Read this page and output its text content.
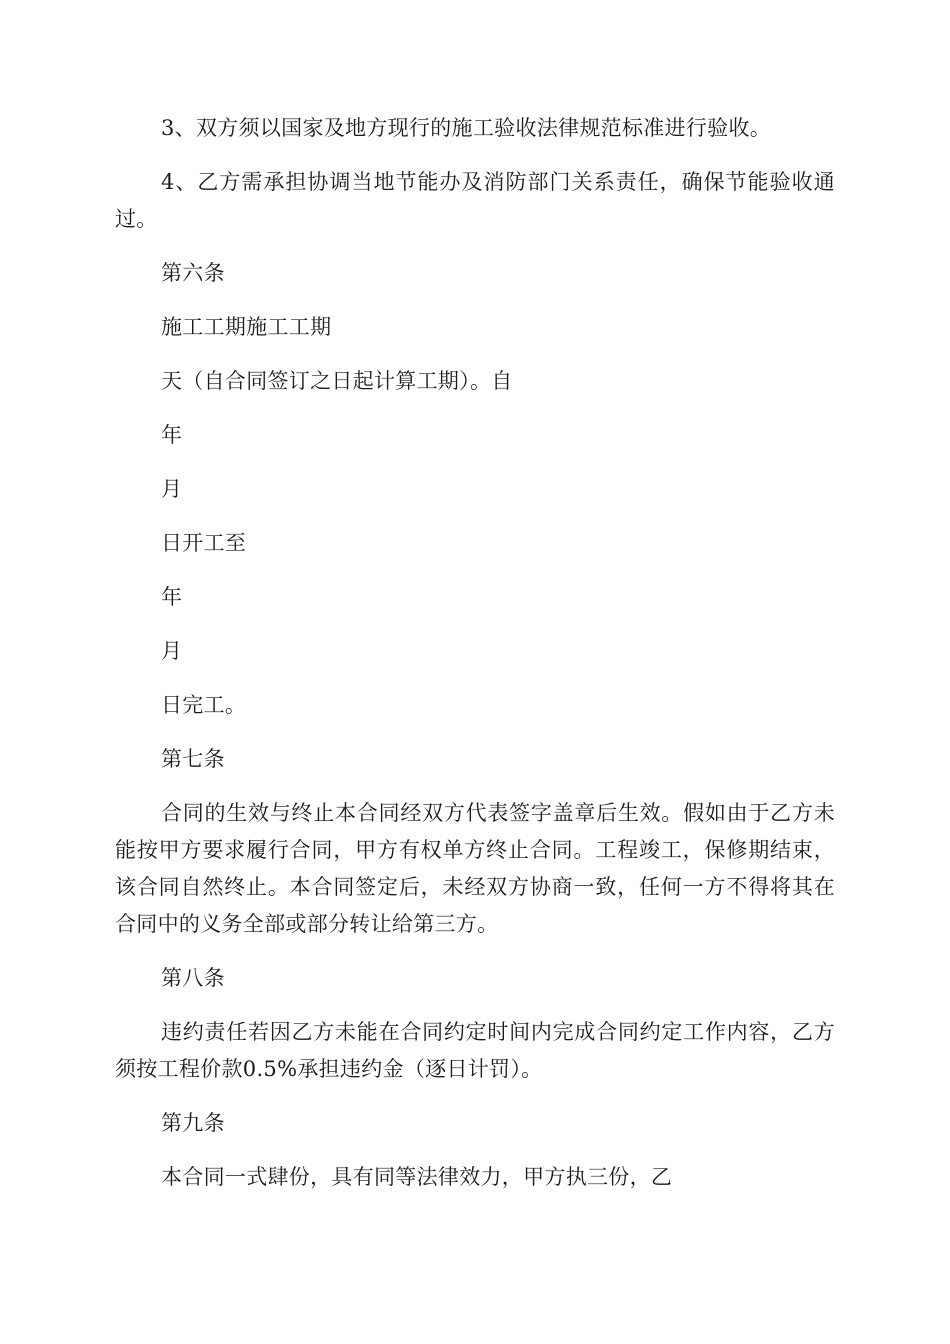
3、双方须以国家及地方现行的施工验收法律规范标准进行验收。

4、乙方需承担协调当地节能办及消防部门关系责任，确保节能验收通过。

第六条

施工工期施工工期

天（自合同签订之日起计算工期）。自

年

月

日开工至

年

月

日完工。

第七条

合同的生效与终止本合同经双方代表签字盖章后生效。假如由于乙方未能按甲方要求履行合同，甲方有权单方终止合同。工程竣工，保修期结束，该合同自然终止。本合同签定后，未经双方协商一致，任何一方不得将其在合同中的义务全部或部分转让给第三方。

第八条

违约责任若因乙方未能在合同约定时间内完成合同约定工作内容，乙方须按工程价款0.5%承担违约金（逐日计罚）。

第九条

本合同一式肆份，具有同等法律效力，甲方执三份，乙
